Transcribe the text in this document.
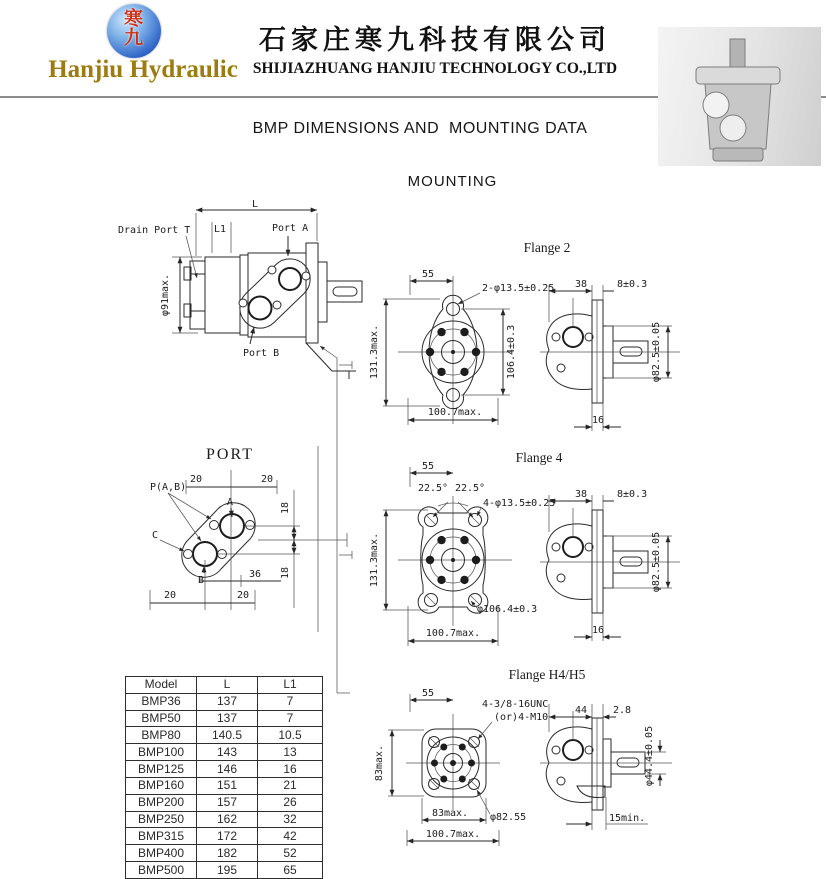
寒九
Hanjiu Hydraulic
石家庄寒九科技有限公司
SHIJIAZHUANG HANJIU TECHNOLOGY CO.,LTD
BMP DIMENSIONS AND  MOUNTING DATA
MOUNTING
L
L1
Drain Port T	Port A
Port B
φ91max.
PORT
20	20
20	20
36
18
18
P(A,B)
A
C
B
Flange 2
55
2-φ13.5±0.25
131.3max.	106.4±0.3
100.7max.
38	8±0.3
φ82.5±0.05
16
Flange 4
55
22.5° 22.5°
4-φ13.5±0.25
131.3max.
φ106.4±0.3
100.7max.
38	8±0.3
φ82.5±0.05
16
Flange H4/H5
55
4-3/8-16UNC
(or)4-M10
83max.
83max. φ82.55
100.7max.
44	2.8
φ44.4±0.05
15min.
Model	L	L1
BMP36	137	7
BMP50	137	7
BMP80	140.5	10.5
BMP100	143	13
BMP125	146	16
BMP160	151	21
BMP200	157	26
BMP250	162	32
BMP315	172	42
BMP400	182	52
BMP500	195	65
